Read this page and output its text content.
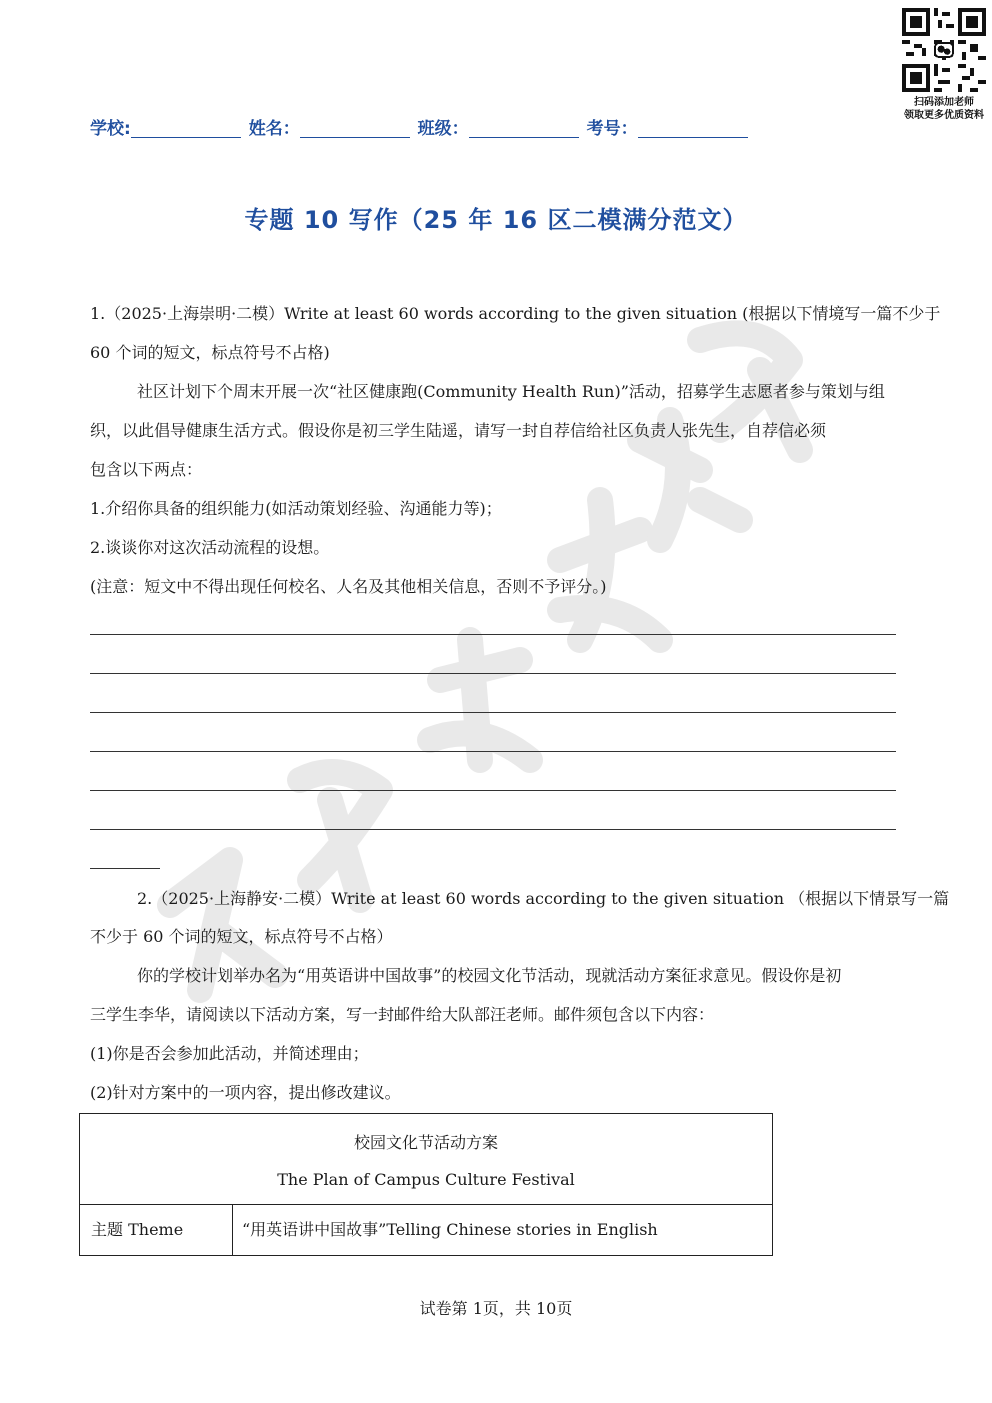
扫码添加老师
领取更多优质资料
学校:	姓名：	班级：	考号：
专题 10 写作（25 年 16 区二模满分范文）
1.（2025·上海崇明·二模）Write at least 60 words according to the given situation (根据以下情境写一篇不少于
60 个词的短文，标点符号不占格)
社区计划下个周末开展一次“社区健康跑(Community Health Run)”活动，招募学生志愿者参与策划与组
织，以此倡导健康生活方式。假设你是初三学生陆遥，请写一封自荐信给社区负责人张先生，自荐信必须
包含以下两点：
1.介绍你具备的组织能力(如活动策划经验、沟通能力等)；
2.谈谈你对这次活动流程的设想。
(注意：短文中不得出现任何校名、人名及其他相关信息，否则不予评分。)
2.（2025·上海静安·二模）Write at least 60 words according to the given situation （根据以下情景写一篇
不少于 60 个词的短文，标点符号不占格）
你的学校计划举办名为“用英语讲中国故事”的校园文化节活动，现就活动方案征求意见。假设你是初
三学生李华，请阅读以下活动方案，写一封邮件给大队部汪老师。邮件须包含以下内容：
(1)你是否会参加此活动，并简述理由；
(2)针对方案中的一项内容，提出修改建议。
校园文化节活动方案
The Plan of Campus Culture Festival
主题 Theme	“用英语讲中国故事”Telling Chinese stories in English
试卷第 1页，共 10页
